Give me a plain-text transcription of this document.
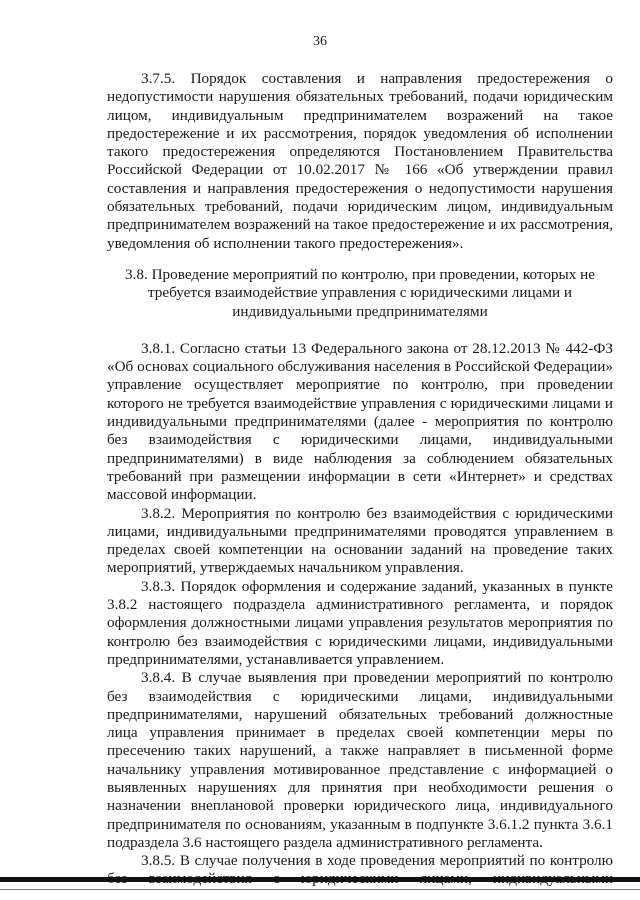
36

3.7.5. Порядок составления и направления предостережения о недопустимости нарушения обязательных требований, подачи юридическим лицом, индивидуальным предпринимателем возражений на такое предостережение и их рассмотрения, порядок уведомления об исполнении такого предостережения определяются Постановлением Правительства Российской Федерации от 10.02.2017 № 166 «Об утверждении правил составления и направления предостережения о недопустимости нарушения обязательных требований, подачи юридическим лицом, индивидуальным предпринимателем возражений на такое предостережение и их рассмотрения, уведомления об исполнении такого предостережения».

3.8. Проведение мероприятий по контролю, при проведении, которых не требуется взаимодействие управления с юридическими лицами и индивидуальными предпринимателями

3.8.1. Согласно статьи 13 Федерального закона от 28.12.2013 № 442-ФЗ «Об основах социального обслуживания населения в Российской Федерации» управление осуществляет мероприятие по контролю, при проведении которого не требуется взаимодействие управления с юридическими лицами и индивидуальными предпринимателями (далее - мероприятия по контролю без взаимодействия с юридическими лицами, индивидуальными предпринимателями) в виде наблюдения за соблюдением обязательных требований при размещении информации в сети «Интернет» и средствах массовой информации.

3.8.2. Мероприятия по контролю без взаимодействия с юридическими лицами, индивидуальными предпринимателями проводятся управлением в пределах своей компетенции на основании заданий на проведение таких мероприятий, утверждаемых начальником управления.

3.8.3. Порядок оформления и содержание заданий, указанных в пункте 3.8.2 настоящего подраздела административного регламента, и порядок оформления должностными лицами управления результатов мероприятия по контролю без взаимодействия с юридическими лицами, индивидуальными предпринимателями, устанавливается управлением.

3.8.4. В случае выявления при проведении мероприятий по контролю без взаимодействия с юридическими лицами, индивидуальными предпринимателями, нарушений обязательных требований должностные лица управления принимает в пределах своей компетенции меры по пресечению таких нарушений, а также направляет в письменной форме начальнику управления мотивированное представление с информацией о выявленных нарушениях для принятия при необходимости решения о назначении внеплановой проверки юридического лица, индивидуального предпринимателя по основаниям, указанным в подпункте 3.6.1.2 пункта 3.6.1 подраздела 3.6 настоящего раздела административного регламента.

3.8.5. В случае получения в ходе проведения мероприятий по контролю
